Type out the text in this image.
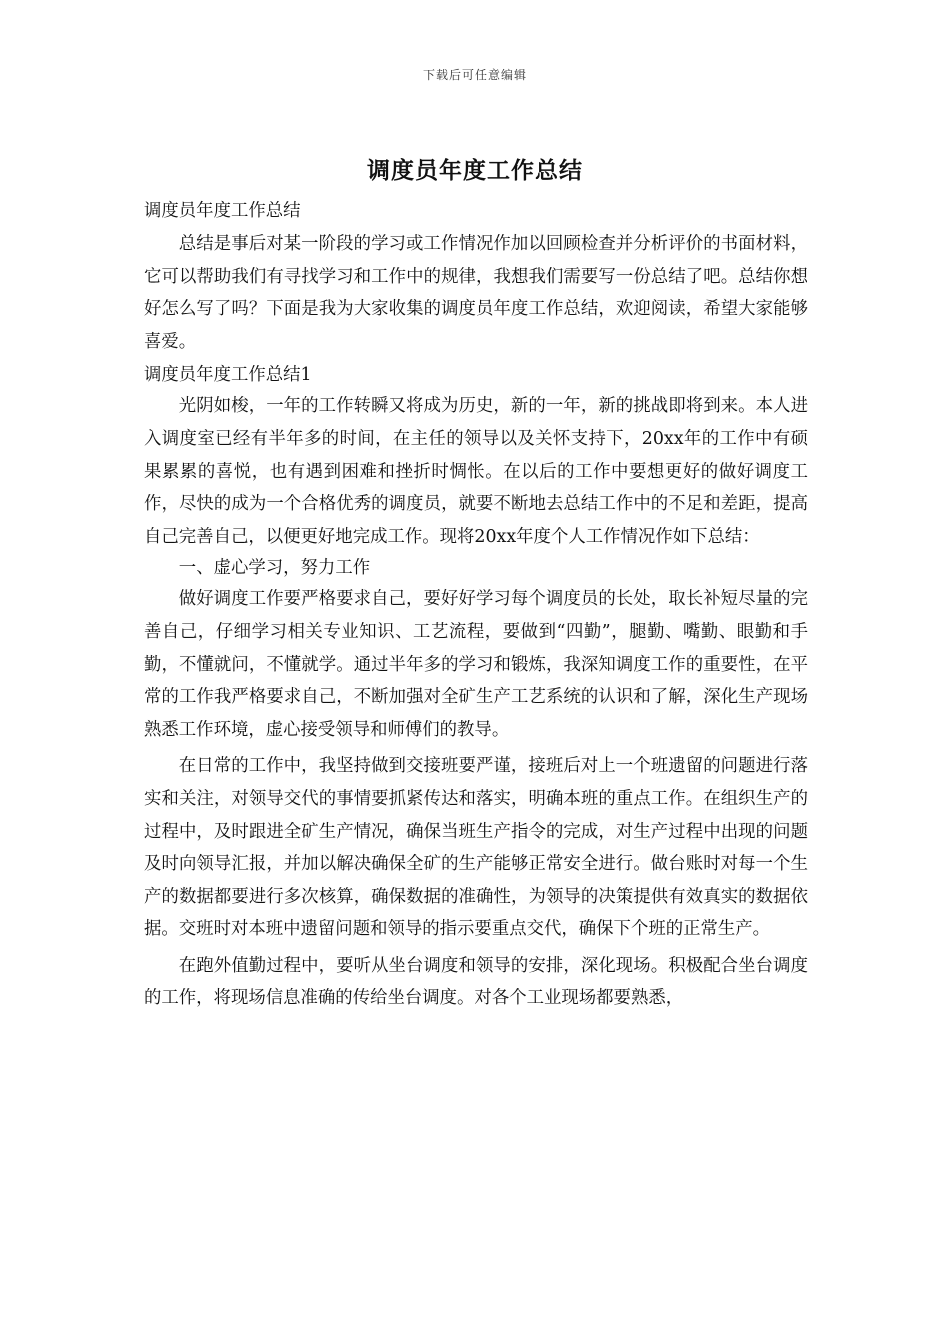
下载后可任意编辑
调度员年度工作总结

调度员年度工作总结

总结是事后对某一阶段的学习或工作情况作加以回顾检查并分析评价的书面材料，它可以帮助我们有寻找学习和工作中的规律，我想我们需要写一份总结了吧。总结你想好怎么写了吗？下面是我为大家收集的调度员年度工作总结，欢迎阅读，希望大家能够喜爱。

调度员年度工作总结1

光阴如梭，一年的工作转瞬又将成为历史，新的一年，新的挑战即将到来。本人进入调度室已经有半年多的时间，在主任的领导以及关怀支持下，20xx年的工作中有硕果累累的喜悦，也有遇到困难和挫折时惆怅。在以后的工作中要想更好的做好调度工作，尽快的成为一个合格优秀的调度员，就要不断地去总结工作中的不足和差距，提高自己完善自己，以便更好地完成工作。现将20xx年度个人工作情况作如下总结：

一、虚心学习，努力工作

做好调度工作要严格要求自己，要好好学习每个调度员的长处，取长补短尽量的完善自己，仔细学习相关专业知识、工艺流程，要做到“四勤”，腿勤、嘴勤、眼勤和手勤，不懂就问，不懂就学。通过半年多的学习和锻炼，我深知调度工作的重要性，在平常的工作我严格要求自己，不断加强对全矿生产工艺系统的认识和了解，深化生产现场熟悉工作环境，虚心接受领导和师傅们的教导。

在日常的工作中，我坚持做到交接班要严谨，接班后对上一个班遗留的问题进行落实和关注，对领导交代的事情要抓紧传达和落实，明确本班的重点工作。在组织生产的过程中，及时跟进全矿生产情况，确保当班生产指令的完成，对生产过程中出现的问题及时向领导汇报，并加以解决确保全矿的生产能够正常安全进行。做台账时对每一个生产的数据都要进行多次核算，确保数据的准确性，为领导的决策提供有效真实的数据依据。交班时对本班中遗留问题和领导的指示要重点交代，确保下个班的正常生产。

在跑外值勤过程中，要听从坐台调度和领导的安排，深化现场。积极配合坐台调度的工作，将现场信息准确的传给坐台调度。对各个工业现场都要熟悉，
